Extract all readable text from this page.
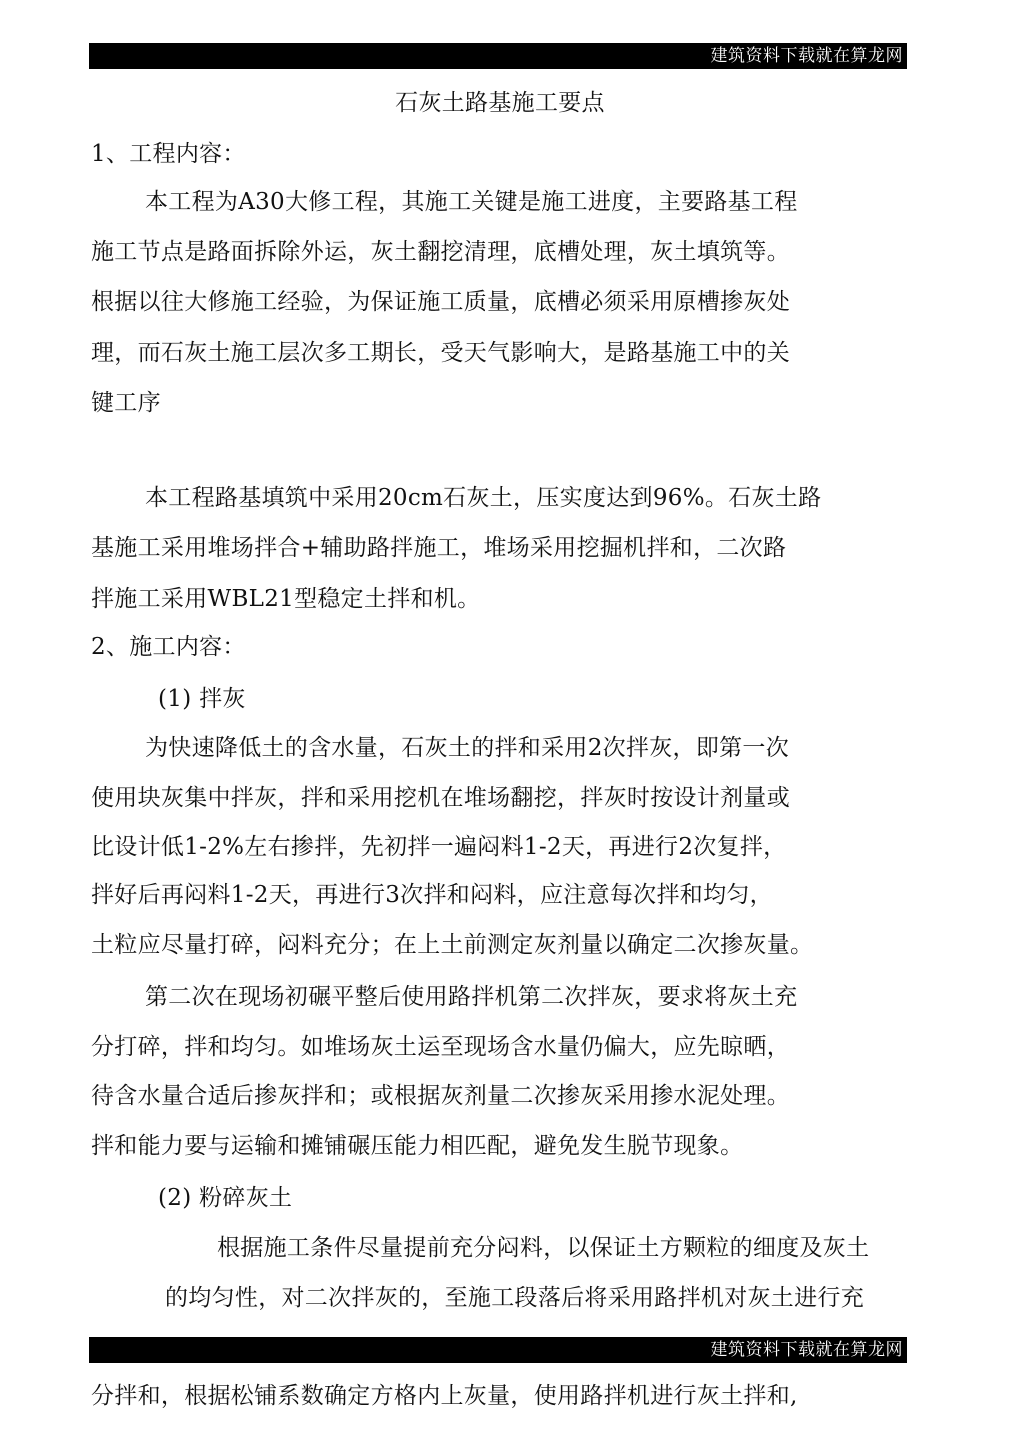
建筑资料下载就在算龙网
石灰土路基施工要点
1、工程内容：
本工程为A30大修工程，其施工关键是施工进度，主要路基工程
施工节点是路面拆除外运，灰土翻挖清理，底槽处理，灰土填筑等。
根据以往大修施工经验，为保证施工质量，底槽必须采用原槽掺灰处
理，而石灰土施工层次多工期长，受天气影响大，是路基施工中的关
键工序
本工程路基填筑中采用20cm石灰土，压实度达到96%。石灰土路
基施工采用堆场拌合+辅助路拌施工，堆场采用挖掘机拌和，二次路
拌施工采用WBL21型稳定土拌和机。
2、施工内容：
(1) 拌灰
为快速降低土的含水量，石灰土的拌和采用2次拌灰，即第一次
使用块灰集中拌灰，拌和采用挖机在堆场翻挖，拌灰时按设计剂量或
比设计低1-2%左右掺拌，先初拌一遍闷料1-2天，再进行2次复拌，
拌好后再闷料1-2天，再进行3次拌和闷料，应注意每次拌和均匀，
土粒应尽量打碎，闷料充分；在上土前测定灰剂量以确定二次掺灰量。
第二次在现场初碾平整后使用路拌机第二次拌灰，要求将灰土充
分打碎，拌和均匀。如堆场灰土运至现场含水量仍偏大，应先晾晒，
待含水量合适后掺灰拌和；或根据灰剂量二次掺灰采用掺水泥处理。
拌和能力要与运输和摊铺碾压能力相匹配，避免发生脱节现象。
(2) 粉碎灰土
根据施工条件尽量提前充分闷料，以保证土方颗粒的细度及灰土
的均匀性，对二次拌灰的，至施工段落后将采用路拌机对灰土进行充
建筑资料下载就在算龙网
分拌和，根据松铺系数确定方格内上灰量，使用路拌机进行灰土拌和,
